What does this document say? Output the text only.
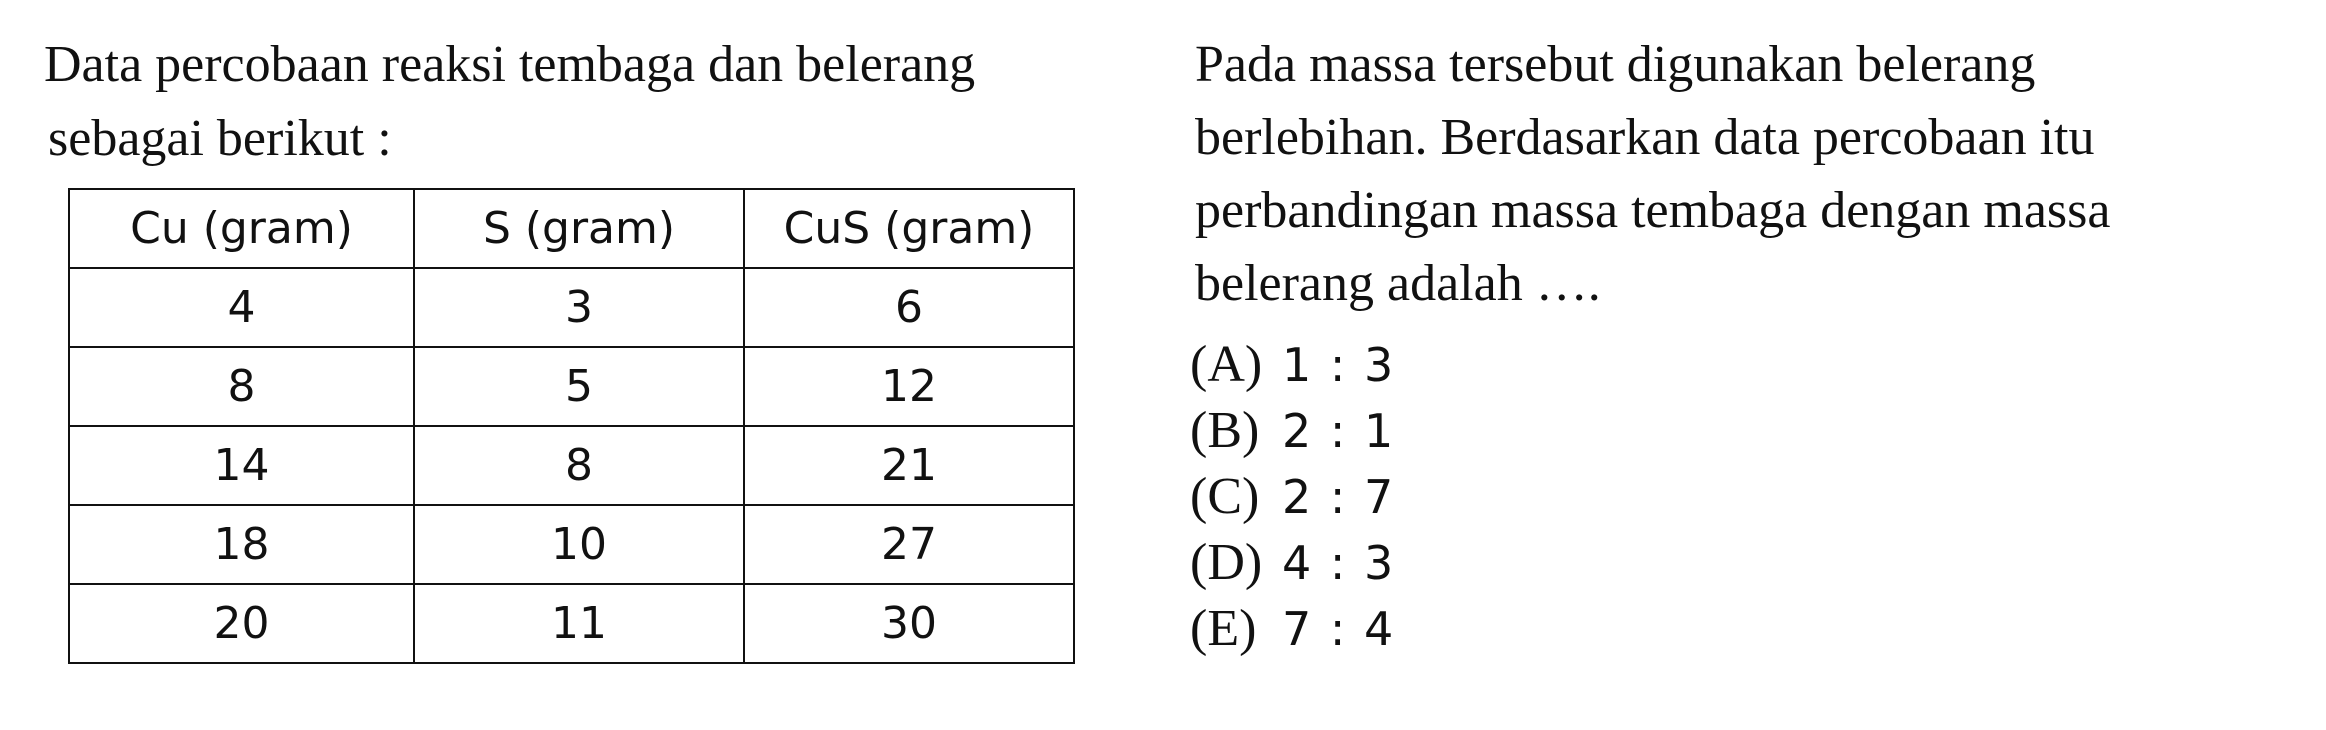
Data percobaan reaksi tembaga dan belerang
sebagai berikut :
Cu (gram)	S (gram)	CuS (gram)
4	3	6
8	5	12
14	8	21
18	10	27
20	11	30

Pada massa tersebut digunakan belerang

berlebihan. Berdasarkan data percobaan itu

perbandingan massa tembaga dengan massa

belerang adalah ….

(A) 1 : 3
(B) 2 : 1
(C) 2 : 7
(D) 4 : 3
(E) 7 : 4
